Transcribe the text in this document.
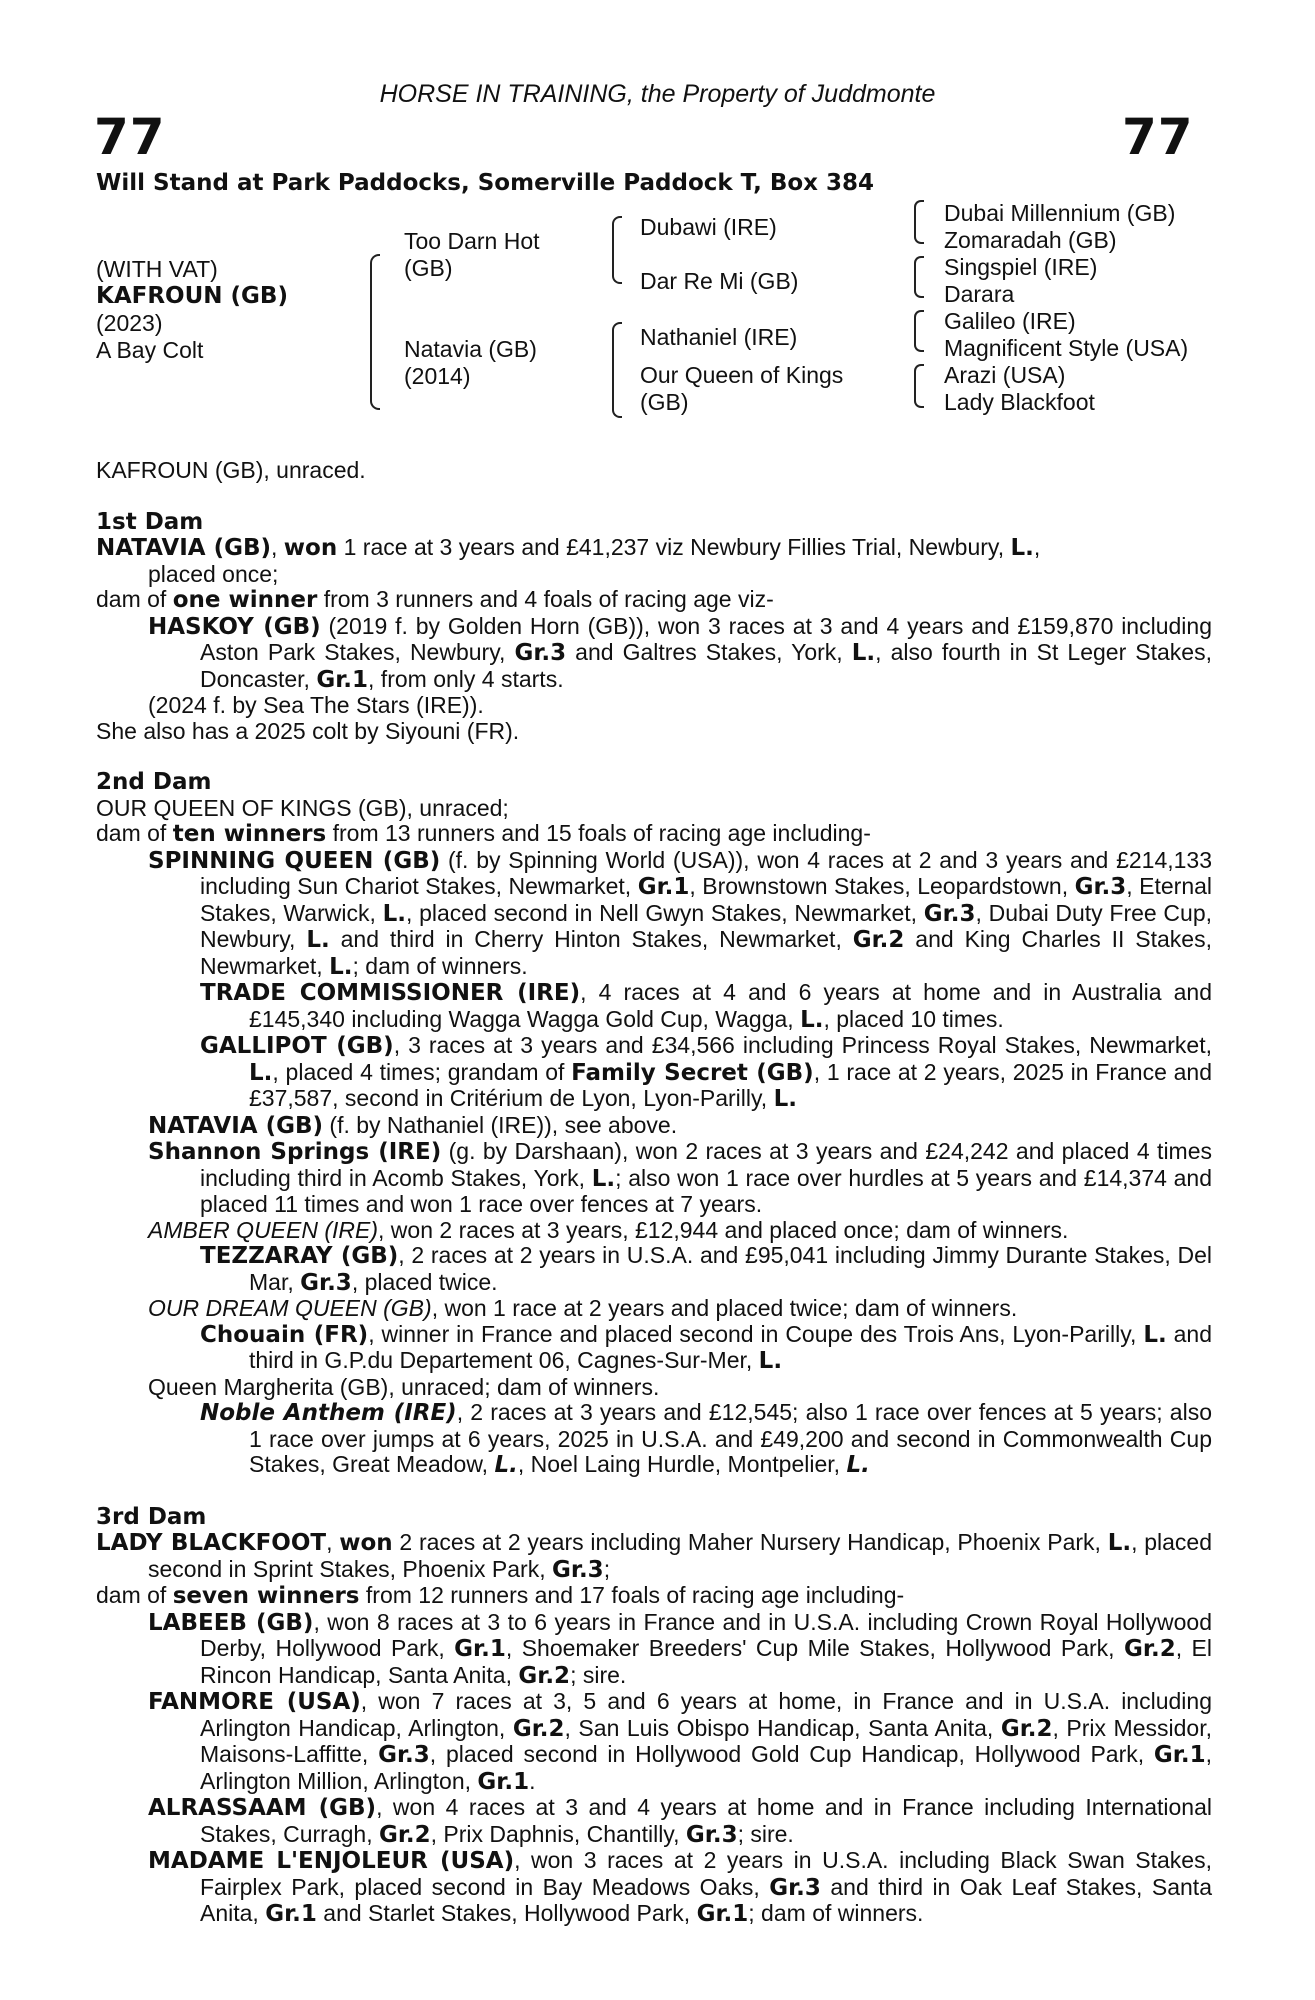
HORSE IN TRAINING, the Property of Juddmonte
77	77
Will Stand at Park Paddocks, Somerville Paddock T, Box 384
(WITH VAT)
KAFROUN (GB)
(2023)
A Bay Colt
Too Darn Hot
(GB)
Natavia (GB)
(2014)
Dubawi (IRE)
Dar Re Mi (GB)
Nathaniel (IRE)
Our Queen of Kings
(GB)
Dubai Millennium (GB)
Zomaradah (GB)
Singspiel (IRE)
Darara
Galileo (IRE)
Magnificent Style (USA)
Arazi (USA)
Lady Blackfoot

KAFROUN (GB), unraced.

1st Dam

NATAVIA (GB), won 1 race at 3 years and £41,237 viz Newbury Fillies Trial, Newbury, L.,

placed once;

dam of one winner from 3 runners and 4 foals of racing age viz-

HASKOY (GB) (2019 f. by Golden Horn (GB)), won 3 races at 3 and 4 years and £159,870 including Aston Park Stakes, Newbury, Gr.3 and Galtres Stakes, York, L., also fourth in St Leger Stakes, Doncaster, Gr.1, from only 4 starts.

(2024 f. by Sea The Stars (IRE)).

She also has a 2025 colt by Siyouni (FR).

2nd Dam

OUR QUEEN OF KINGS (GB), unraced;

dam of ten winners from 13 runners and 15 foals of racing age including-

SPINNING QUEEN (GB) (f. by Spinning World (USA)), won 4 races at 2 and 3 years and £214,133 including Sun Chariot Stakes, Newmarket, Gr.1, Brownstown Stakes, Leopardstown, Gr.3, Eternal Stakes, Warwick, L., placed second in Nell Gwyn Stakes, Newmarket, Gr.3, Dubai Duty Free Cup, Newbury, L. and third in Cherry Hinton Stakes, Newmarket, Gr.2 and King Charles II Stakes, Newmarket, L.; dam of winners.

TRADE COMMISSIONER (IRE), 4 races at 4 and 6 years at home and in Australia and £145,340 including Wagga Wagga Gold Cup, Wagga, L., placed 10 times.

GALLIPOT (GB), 3 races at 3 years and £34,566 including Princess Royal Stakes, Newmarket, L., placed 4 times; grandam of Family Secret (GB), 1 race at 2 years, 2025 in France and £37,587, second in Critérium de Lyon, Lyon-Parilly, L.

NATAVIA (GB) (f. by Nathaniel (IRE)), see above.

Shannon Springs (IRE) (g. by Darshaan), won 2 races at 3 years and £24,242 and placed 4 times including third in Acomb Stakes, York, L.; also won 1 race over hurdles at 5 years and £14,374 and placed 11 times and won 1 race over fences at 7 years.

AMBER QUEEN (IRE), won 2 races at 3 years, £12,944 and placed once; dam of winners.

TEZZARAY (GB), 2 races at 2 years in U.S.A. and £95,041 including Jimmy Durante Stakes, Del Mar, Gr.3, placed twice.

OUR DREAM QUEEN (GB), won 1 race at 2 years and placed twice; dam of winners.

Chouain (FR), winner in France and placed second in Coupe des Trois Ans, Lyon-Parilly, L. and third in G.P.du Departement 06, Cagnes-Sur-Mer, L.

Queen Margherita (GB), unraced; dam of winners.

Noble Anthem (IRE), 2 races at 3 years and £12,545; also 1 race over fences at 5 years; also 1 race over jumps at 6 years, 2025 in U.S.A. and £49,200 and second in Commonwealth Cup Stakes, Great Meadow, L., Noel Laing Hurdle, Montpelier, L.

3rd Dam

LADY BLACKFOOT, won 2 races at 2 years including Maher Nursery Handicap, Phoenix Park, L., placed second in Sprint Stakes, Phoenix Park, Gr.3;

dam of seven winners from 12 runners and 17 foals of racing age including-

LABEEB (GB), won 8 races at 3 to 6 years in France and in U.S.A. including Crown Royal Hollywood Derby, Hollywood Park, Gr.1, Shoemaker Breeders' Cup Mile Stakes, Hollywood Park, Gr.2, El Rincon Handicap, Santa Anita, Gr.2; sire.

FANMORE (USA), won 7 races at 3, 5 and 6 years at home, in France and in U.S.A. including Arlington Handicap, Arlington, Gr.2, San Luis Obispo Handicap, Santa Anita, Gr.2, Prix Messidor, Maisons-Laffitte, Gr.3, placed second in Hollywood Gold Cup Handicap, Hollywood Park, Gr.1, Arlington Million, Arlington, Gr.1.

ALRASSAAM (GB), won 4 races at 3 and 4 years at home and in France including International Stakes, Curragh, Gr.2, Prix Daphnis, Chantilly, Gr.3; sire.

MADAME L'ENJOLEUR (USA), won 3 races at 2 years in U.S.A. including Black Swan Stakes, Fairplex Park, placed second in Bay Meadows Oaks, Gr.3 and third in Oak Leaf Stakes, Santa Anita, Gr.1 and Starlet Stakes, Hollywood Park, Gr.1; dam of winners.
